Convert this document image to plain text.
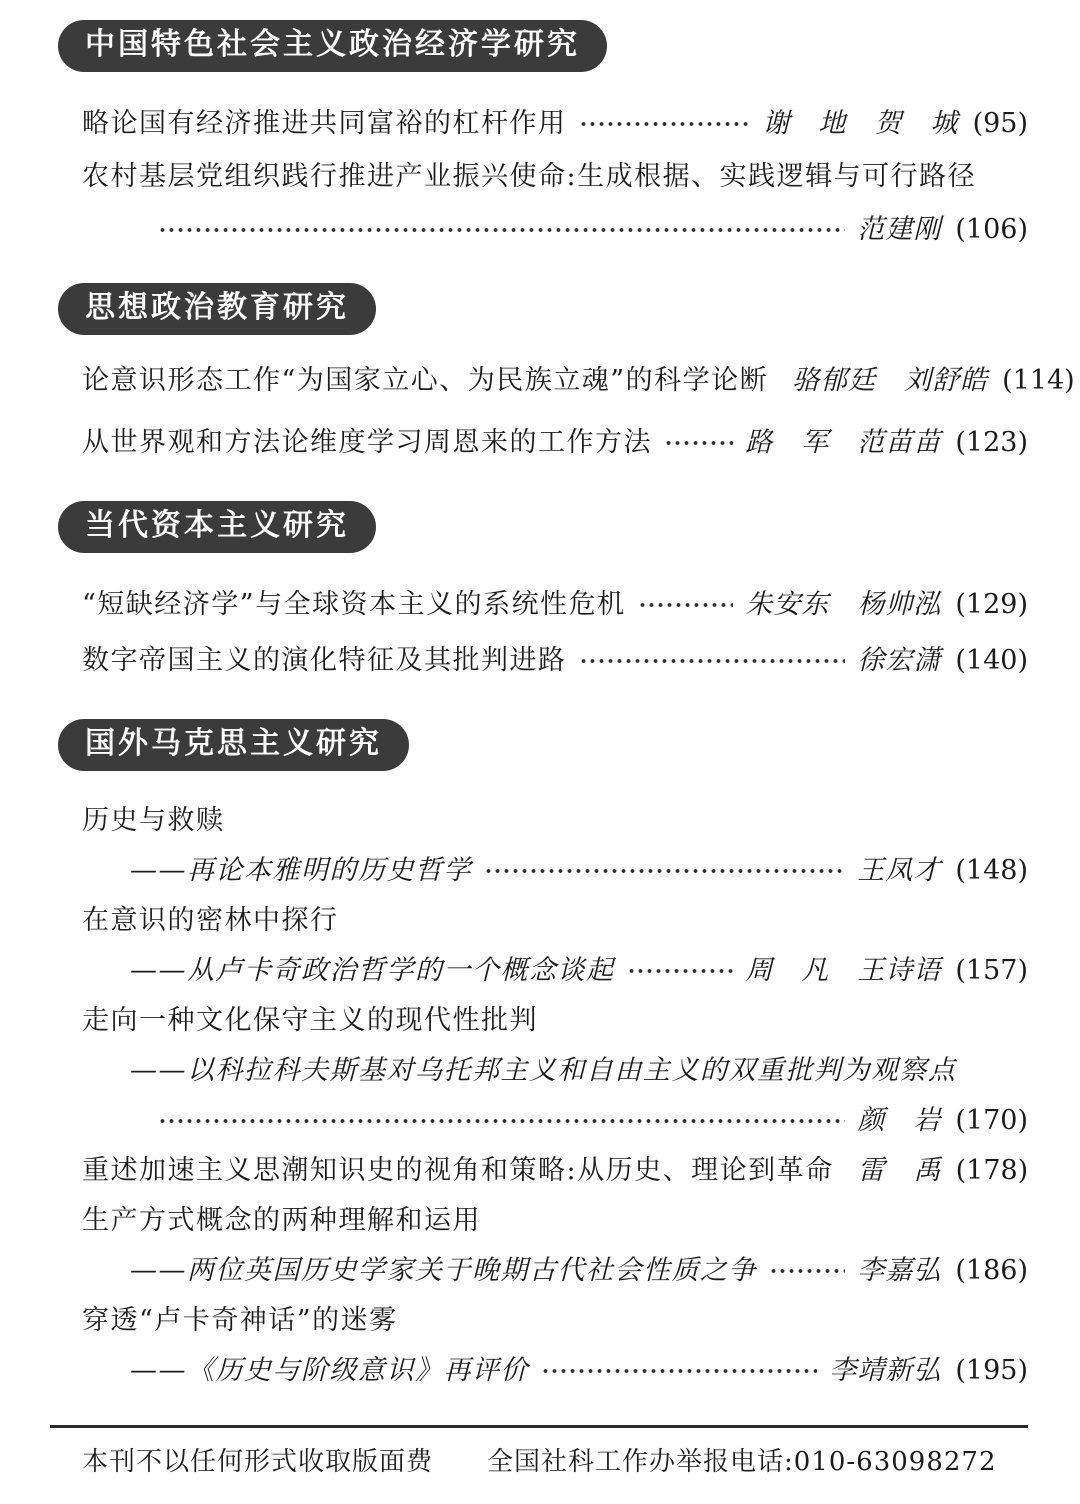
中国特色社会主义政治经济学研究
略论国有经济推进共同富裕的杠杆作用	谢　地　贺　城 (95)
农村基层党组织践行推进产业振兴使命:生成根据、实践逻辑与可行路径
范建刚 (106)
思想政治教育研究
论意识形态工作“为国家立心、为民族立魂”的科学论断 骆郁廷　刘舒皓 (114)
从世界观和方法论维度学习周恩来的工作方法	路　军　范苗苗 (123)
当代资本主义研究
“短缺经济学”与全球资本主义的系统性危机	朱安东　杨帅泓 (129)
数字帝国主义的演化特征及其批判进路	徐宏潇 (140)
国外马克思主义研究
历史与救赎
——再论本雅明的历史哲学	王凤才 (148)
在意识的密林中探行
——从卢卡奇政治哲学的一个概念谈起	周　凡　王诗语 (157)
走向一种文化保守主义的现代性批判
——以科拉科夫斯基对乌托邦主义和自由主义的双重批判为观察点
颜　岩 (170)
重述加速主义思潮知识史的视角和策略:从历史、理论到革命 雷　禹 (178)
生产方式概念的两种理解和运用
——两位英国历史学家关于晚期古代社会性质之争	李嘉弘 (186)
穿透“卢卡奇神话”的迷雾
——《历史与阶级意识》再评价	李靖新弘 (195)
本刊不以任何形式收取版面费　　全国社科工作办举报电话:010-63098272
